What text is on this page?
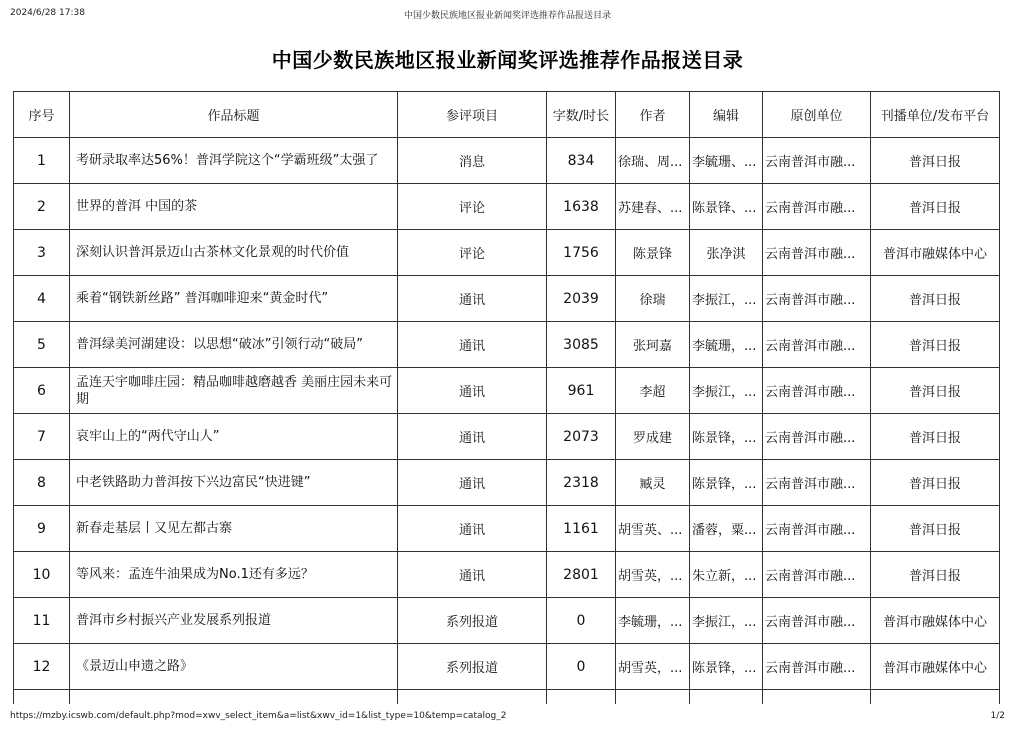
2024/6/28 17:38	中国少数民族地区报业新闻奖评选推荐作品报送目录
中国少数民族地区报业新闻奖评选推荐作品报送目录
序号	作品标题	参评项目	字数/时长	作者	编辑	原创单位	刊播单位/发布平台
1	考研录取率达56%！普洱学院这个“学霸班级”太强了	消息	834	徐瑞、周...	李毓珊、...	云南普洱市融...	普洱日报
2	世界的普洱 中国的茶	评论	1638	苏建春、...	陈景锋、...	云南普洱市融...	普洱日报
3	深刻认识普洱景迈山古茶林文化景观的时代价值	评论	1756	陈景锋	张净淇	云南普洱市融...	普洱市融媒体中心
4	乘着“钢铁新丝路” 普洱咖啡迎来“黄金时代”	通讯	2039	徐瑞	李振江，...	云南普洱市融...	普洱日报
5	普洱绿美河湖建设：以思想“破冰”引领行动“破局”	通讯	3085	张珂嘉	李毓珊，...	云南普洱市融...	普洱日报
6	孟连天宇咖啡庄园：精品咖啡越磨越香 美丽庄园未来可期	通讯	961	李超	李振江，...	云南普洱市融...	普洱日报
7	哀牢山上的“两代守山人”	通讯	2073	罗成建	陈景锋，...	云南普洱市融...	普洱日报
8	中老铁路助力普洱按下兴边富民“快进键”	通讯	2318	臧灵	陈景锋，...	云南普洱市融...	普洱日报
9	新春走基层丨又见左都古寨	通讯	1161	胡雪英、...	潘蓉，粟...	云南普洱市融...	普洱日报
10	等风来：孟连牛油果成为No.1还有多远？	通讯	2801	胡雪英，...	朱立新，...	云南普洱市融...	普洱日报
11	普洱市乡村振兴产业发展系列报道	系列报道	0	李毓珊，...	李振江，...	云南普洱市融...	普洱市融媒体中心
12	《景迈山申遗之路》	系列报道	0	胡雪英，...	陈景锋，...	云南普洱市融...	普洱市融媒体中心

https://mzby.icswb.com/default.php?mod=xwv_select_item&a=list&xwv_id=1&list_type=10&temp=catalog_2	1/2
